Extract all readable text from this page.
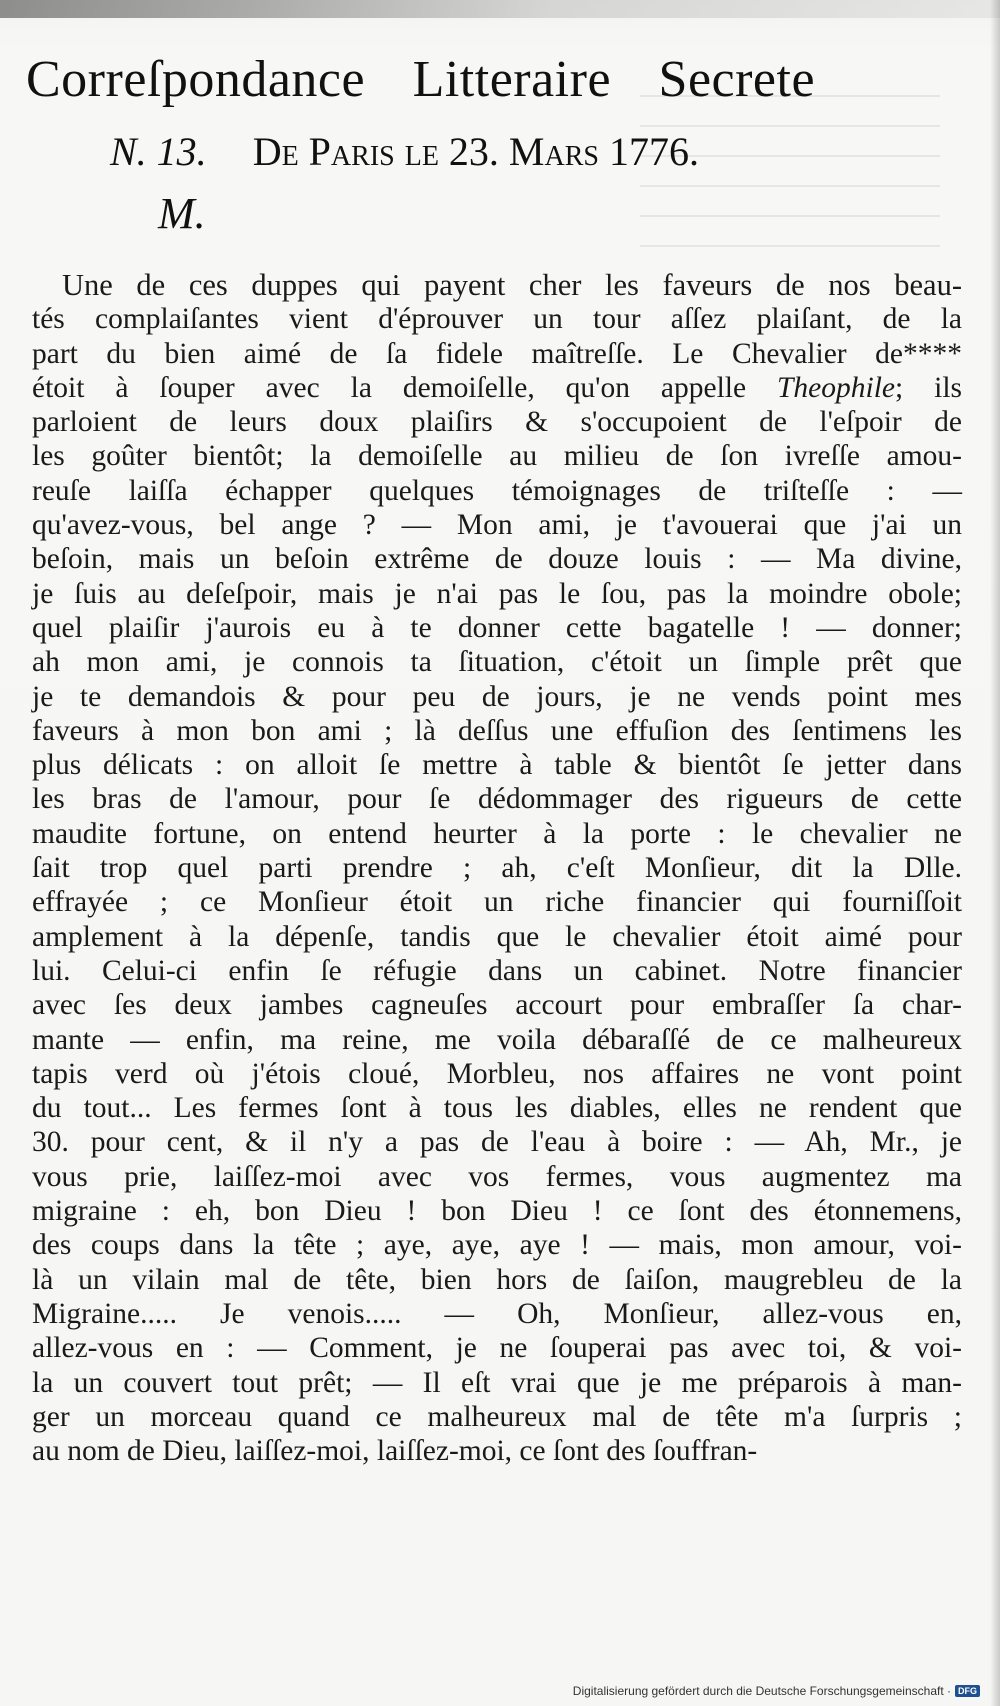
Correſpondance Litteraire Secrete
N. 13. De Paris le 23. Mars 1776.
M.
Une de ces duppes qui payent cher les faveurs de nos beau-
tés complaiſantes vient d'éprouver un tour aſſez plaiſant, de la
part du bien aimé de ſa fidele maîtreſſe. Le Chevalier de****
étoit à ſouper avec la demoiſelle, qu'on appelle Theophile; ils
parloient de leurs doux plaiſirs & s'occupoient de l'eſpoir de
les goûter bientôt; la demoiſelle au milieu de ſon ivreſſe amou-
reuſe laiſſa échapper quelques témoignages de triſteſſe : —
qu'avez-vous, bel ange ? — Mon ami, je t'avouerai que j'ai un
beſoin, mais un beſoin extrême de douze louis : — Ma divine,
je ſuis au deſeſpoir, mais je n'ai pas le ſou, pas la moindre obole;
quel plaiſir j'aurois eu à te donner cette bagatelle ! — donner;
ah mon ami, je connois ta ſituation, c'étoit un ſimple prêt que
je te demandois & pour peu de jours, je ne vends point mes
faveurs à mon bon ami ; là deſſus une effuſion des ſentimens les
plus délicats : on alloit ſe mettre à table & bientôt ſe jetter dans
les bras de l'amour, pour ſe dédommager des rigueurs de cette
maudite fortune, on entend heurter à la porte : le chevalier ne
ſait trop quel parti prendre ; ah, c'eſt Monſieur, dit la Dlle.
effrayée ; ce Monſieur étoit un riche financier qui fourniſſoit
amplement à la dépenſe, tandis que le chevalier étoit aimé pour
lui. Celui-ci enfin ſe réfugie dans un cabinet. Notre financier
avec ſes deux jambes cagneuſes accourt pour embraſſer ſa char-
mante — enfin, ma reine, me voila débaraſſé de ce malheureux
tapis verd où j'étois cloué, Morbleu, nos affaires ne vont point
du tout... Les fermes ſont à tous les diables, elles ne rendent que
30. pour cent, & il n'y a pas de l'eau à boire : — Ah, Mr., je
vous prie, laiſſez-moi avec vos fermes, vous augmentez ma
migraine : eh, bon Dieu ! bon Dieu ! ce ſont des étonnemens,
des coups dans la tête ; aye, aye, aye ! — mais, mon amour, voi-
là un vilain mal de tête, bien hors de ſaiſon, maugrebleu de la
Migraine..... Je venois..... — Oh, Monſieur, allez-vous en,
allez-vous en : — Comment, je ne ſouperai pas avec toi, & voi-
la un couvert tout prêt; — Il eſt vrai que je me préparois à man-
ger un morceau quand ce malheureux mal de tête m'a ſurpris ;
au nom de Dieu, laiſſez-moi, laiſſez-moi, ce ſont des ſouffran-
Digitalisierung gefördert durch die Deutsche Forschungsgemeinschaft · DFG
